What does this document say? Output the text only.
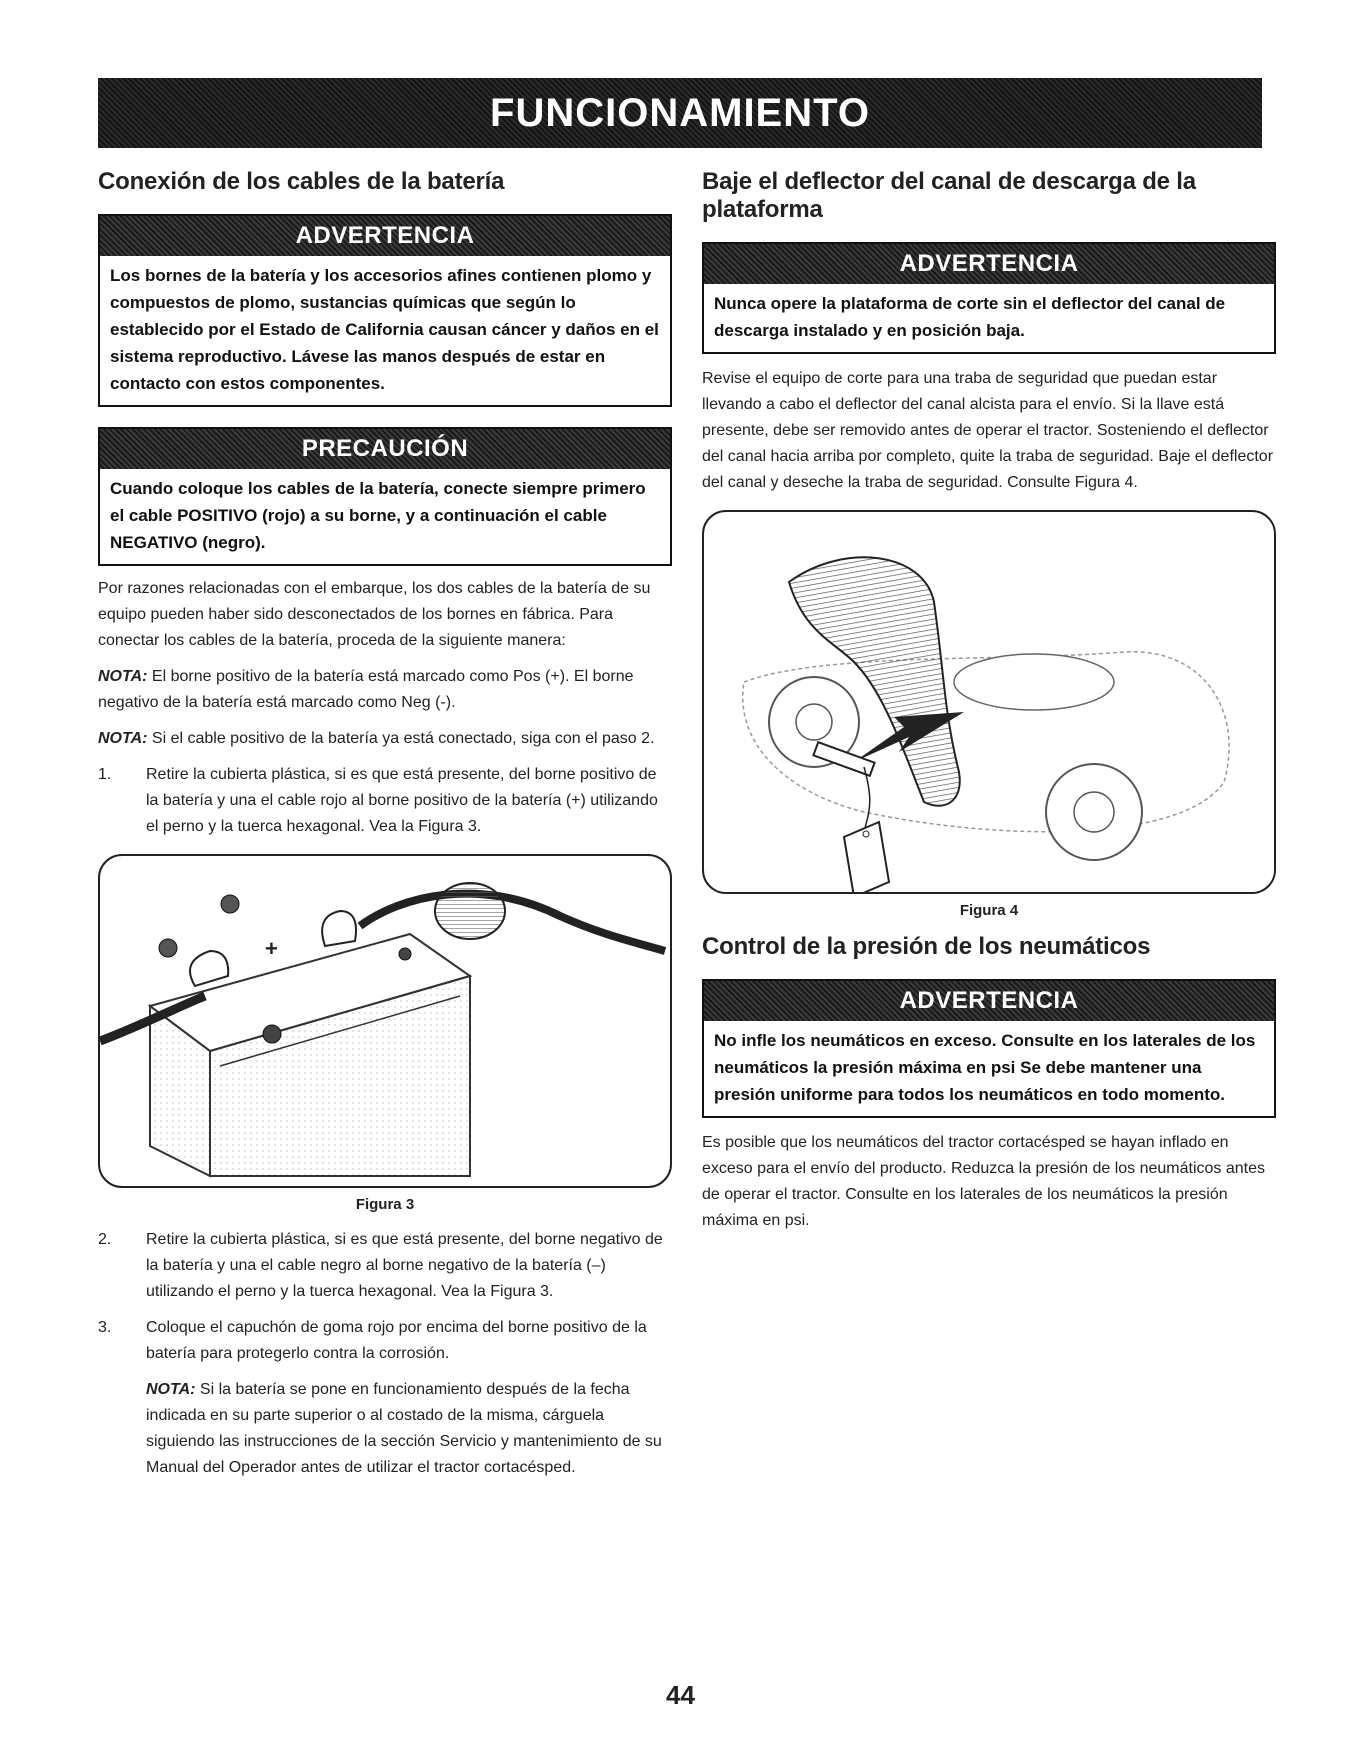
FUNCIONAMIENTO
Conexión de los cables de la batería
ADVERTENCIA
Los bornes de la batería y los accesorios afines contienen plomo y compuestos de plomo, sustancias químicas que según lo establecido por el Estado de California causan cáncer y daños en el sistema reproductivo. Lávese las manos después de estar en contacto con estos componentes.
PRECAUCIÓN
Cuando coloque los cables de la batería, conecte siempre primero el cable POSITIVO (rojo) a su borne, y a continuación el cable NEGATIVO (negro).

Por razones relacionadas con el embarque, los dos cables de la batería de su equipo pueden haber sido desconectados de los bornes en fábrica. Para conectar los cables de la batería, proceda de la siguiente manera:

NOTA: El borne positivo de la batería está marcado como Pos (+). El borne negativo de la batería está marcado como Neg (-).

NOTA: Si el cable positivo de la batería ya está conectado, siga con el paso 2.

1. Retire la cubierta plástica, si es que está presente, del borne positivo de la batería y una el cable rojo al borne positivo de la batería (+) utilizando el perno y la tuerca hexagonal. Vea la Figura 3.
+
Figura 3
2. Retire la cubierta plástica, si es que está presente, del borne negativo de la batería y una el cable negro al borne negativo de la batería (–) utilizando el perno y la tuerca hexagonal. Vea la Figura 3.
3. Coloque el capuchón de goma rojo por encima del borne positivo de la batería para protegerlo contra la corrosión.
NOTA: Si la batería se pone en funcionamiento después de la fecha indicada en su parte superior o al costado de la misma, cárguela siguiendo las instrucciones de la sección Servicio y mantenimiento de su Manual del Operador antes de utilizar el tractor cortacésped.
Baje el deflector del canal de descarga de la plataforma
ADVERTENCIA
Nunca opere la plataforma de corte sin el deflector del canal de descarga instalado y en posición baja.

Revise el equipo de corte para una traba de seguridad que puedan estar llevando a cabo el deflector del canal alcista para el envío. Si la llave está presente, debe ser removido antes de operar el tractor. Sosteniendo el deflector del canal hacia arriba por completo, quite la traba de seguridad. Baje el deflector del canal y deseche la traba de seguridad. Consulte Figura 4.

Figura 4
Control de la presión de los neumáticos
ADVERTENCIA
No infle los neumáticos en exceso. Consulte en los laterales de los neumáticos la presión máxima en psi Se debe mantener una presión uniforme para todos los neumáticos en todo momento.

Es posible que los neumáticos del tractor cortacésped se hayan inflado en exceso para el envío del producto. Reduzca la presión de los neumáticos antes de operar el tractor. Consulte en los laterales de los neumáticos la presión máxima en psi.

44
